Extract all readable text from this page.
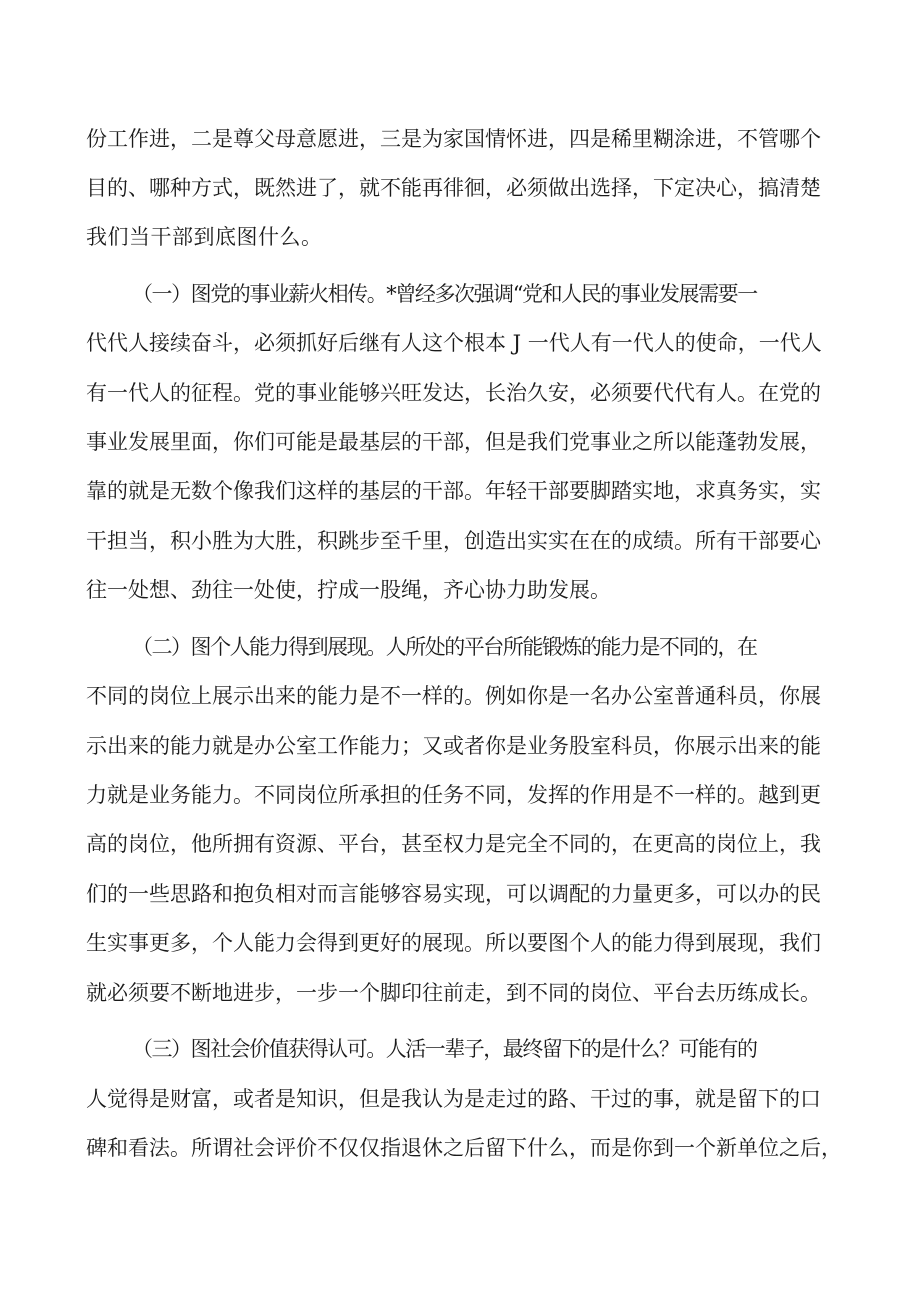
份工作进，二是尊父母意愿进，三是为家国情怀进，四是稀里糊涂进，不管哪个
目的、哪种方式，既然进了，就不能再徘徊，必须做出选择，下定决心，搞清楚
我们当干部到底图什么。
（一）图党的事业薪火相传。*曾经多次强调“党和人民的事业发展需要一
代代人接续奋斗，必须抓好后继有人这个根本 J 一代人有一代人的使命，一代人
有一代人的征程。党的事业能够兴旺发达，长治久安，必须要代代有人。在党的
事业发展里面，你们可能是最基层的干部，但是我们党事业之所以能蓬勃发展，
靠的就是无数个像我们这样的基层的干部。年轻干部要脚踏实地，求真务实，实
干担当，积小胜为大胜，积跳步至千里，创造出实实在在的成绩。所有干部要心
往一处想、劲往一处使，拧成一股绳，齐心协力助发展。
（二）图个人能力得到展现。人所处的平台所能锻炼的能力是不同的，在
不同的岗位上展示出来的能力是不一样的。例如你是一名办公室普通科员，你展
示出来的能力就是办公室工作能力；又或者你是业务股室科员，你展示出来的能
力就是业务能力。不同岗位所承担的任务不同，发挥的作用是不一样的。越到更
高的岗位，他所拥有资源、平台，甚至权力是完全不同的，在更高的岗位上，我
们的一些思路和抱负相对而言能够容易实现，可以调配的力量更多，可以办的民
生实事更多，个人能力会得到更好的展现。所以要图个人的能力得到展现，我们
就必须要不断地进步，一步一个脚印往前走，到不同的岗位、平台去历练成长。
（三）图社会价值获得认可。人活一辈子，最终留下的是什么？可能有的
人觉得是财富，或者是知识，但是我认为是走过的路、干过的事，就是留下的口
碑和看法。所谓社会评价不仅仅指退休之后留下什么，而是你到一个新单位之后，
